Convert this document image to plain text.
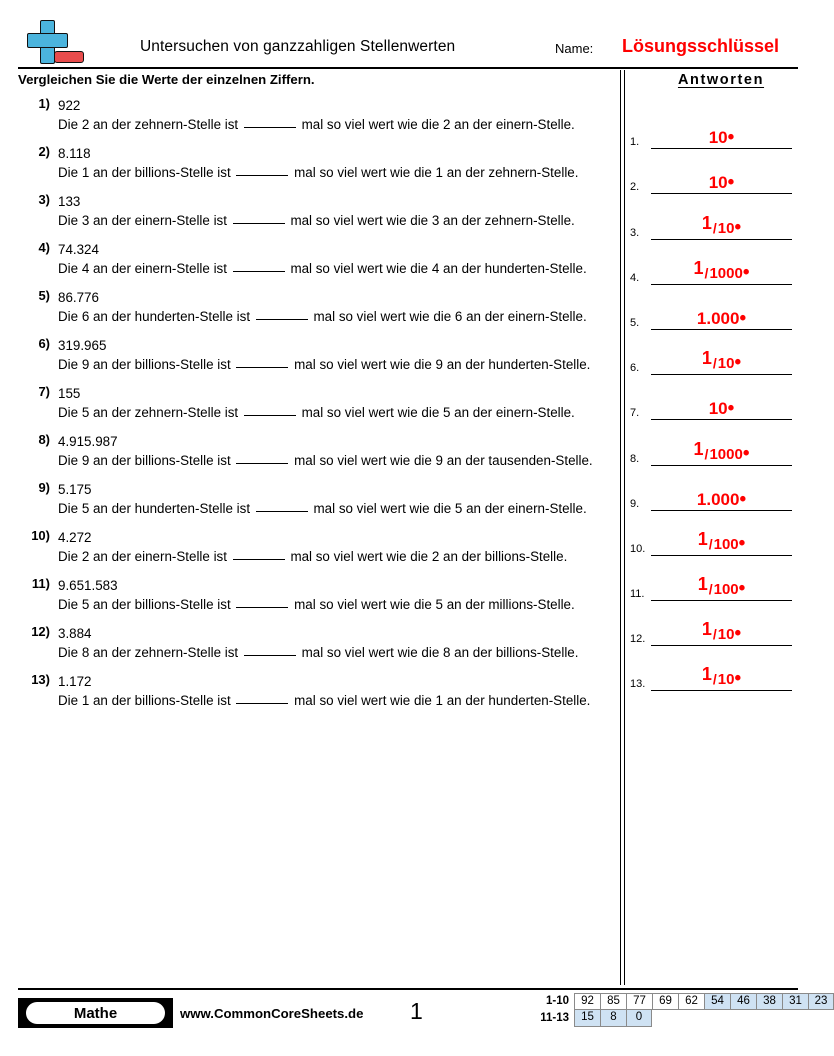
Untersuchen von ganzzahligen Stellenwerten	Name: Lösungsschlüssel
Vergleichen Sie die Werte der einzelnen Ziffern.	Antworten
1) 922
Die 2 an der zehnern-Stelle ist	mal so viel wert wie die 2 an der einern-Stelle.
2) 8.118
Die 1 an der billions-Stelle ist	mal so viel wert wie die 1 an der zehnern-Stelle.
3) 133
Die 3 an der einern-Stelle ist	mal so viel wert wie die 3 an der zehnern-Stelle.
4) 74.324
Die 4 an der einern-Stelle ist	mal so viel wert wie die 4 an der hunderten-Stelle.
5) 86.776
Die 6 an der hunderten-Stelle ist	mal so viel wert wie die 6 an der einern-Stelle.
6) 319.965
Die 9 an der billions-Stelle ist	mal so viel wert wie die 9 an der hunderten-Stelle.
7) 155
Die 5 an der zehnern-Stelle ist	mal so viel wert wie die 5 an der einern-Stelle.
8) 4.915.987
Die 9 an der billions-Stelle ist	mal so viel wert wie die 9 an der tausenden-Stelle.
9) 5.175
Die 5 an der hunderten-Stelle ist	mal so viel wert wie die 5 an der einern-Stelle.
10) 4.272
Die 2 an der einern-Stelle ist	mal so viel wert wie die 2 an der billions-Stelle.
11) 9.651.583
Die 5 an der billions-Stelle ist	mal so viel wert wie die 5 an der millions-Stelle.
12) 3.884
Die 8 an der zehnern-Stelle ist	mal so viel wert wie die 8 an der billions-Stelle.
13) 1.172
Die 1 an der billions-Stelle ist	mal so viel wert wie die 1 an der hunderten-Stelle.
1.	10•
2.	10•
3.	1/10•
4.	1/1000•
5.	1.000•
6.	1/10•
7.	10•
8.	1/1000•
9.	1.000•
10.	1/100•
11.	1/100•
12.	1/10•
13.	1/10•
Mathe	www.CommonCoreSheets.de 1	1-10	92	85	77	69	62	54	46	38	31	23
11-13	15	8	0
